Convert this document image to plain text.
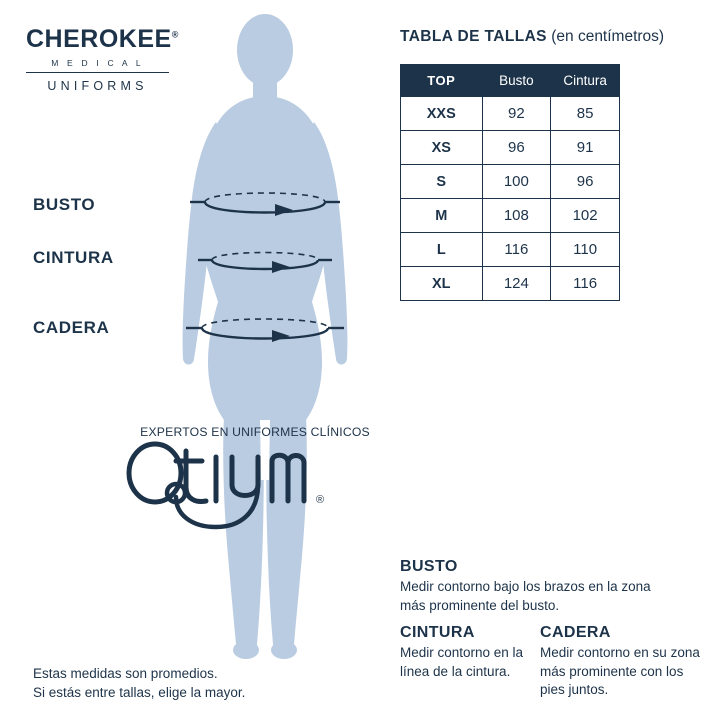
CHEROKEE®
M E D I C A L
UNIFORMS
BUSTO
CINTURA
CADERA
EXPERTOS EN UNIFORMES CLÍNICOS
®
Estas medidas son promedios.
Si estás entre tallas, elige la mayor.
TABLA DE TALLAS (en centímetros)
TOP	Busto	Cintura
XXS	92	85
XS	96	91
S	100	96
M	108	102
L	116	110
XL	124	116
BUSTO
Medir contorno bajo los brazos en la zona más prominente del busto.
CINTURA
Medir contorno en la línea de la cintura.
CADERA
Medir contorno en su zona más prominente con los pies juntos.
